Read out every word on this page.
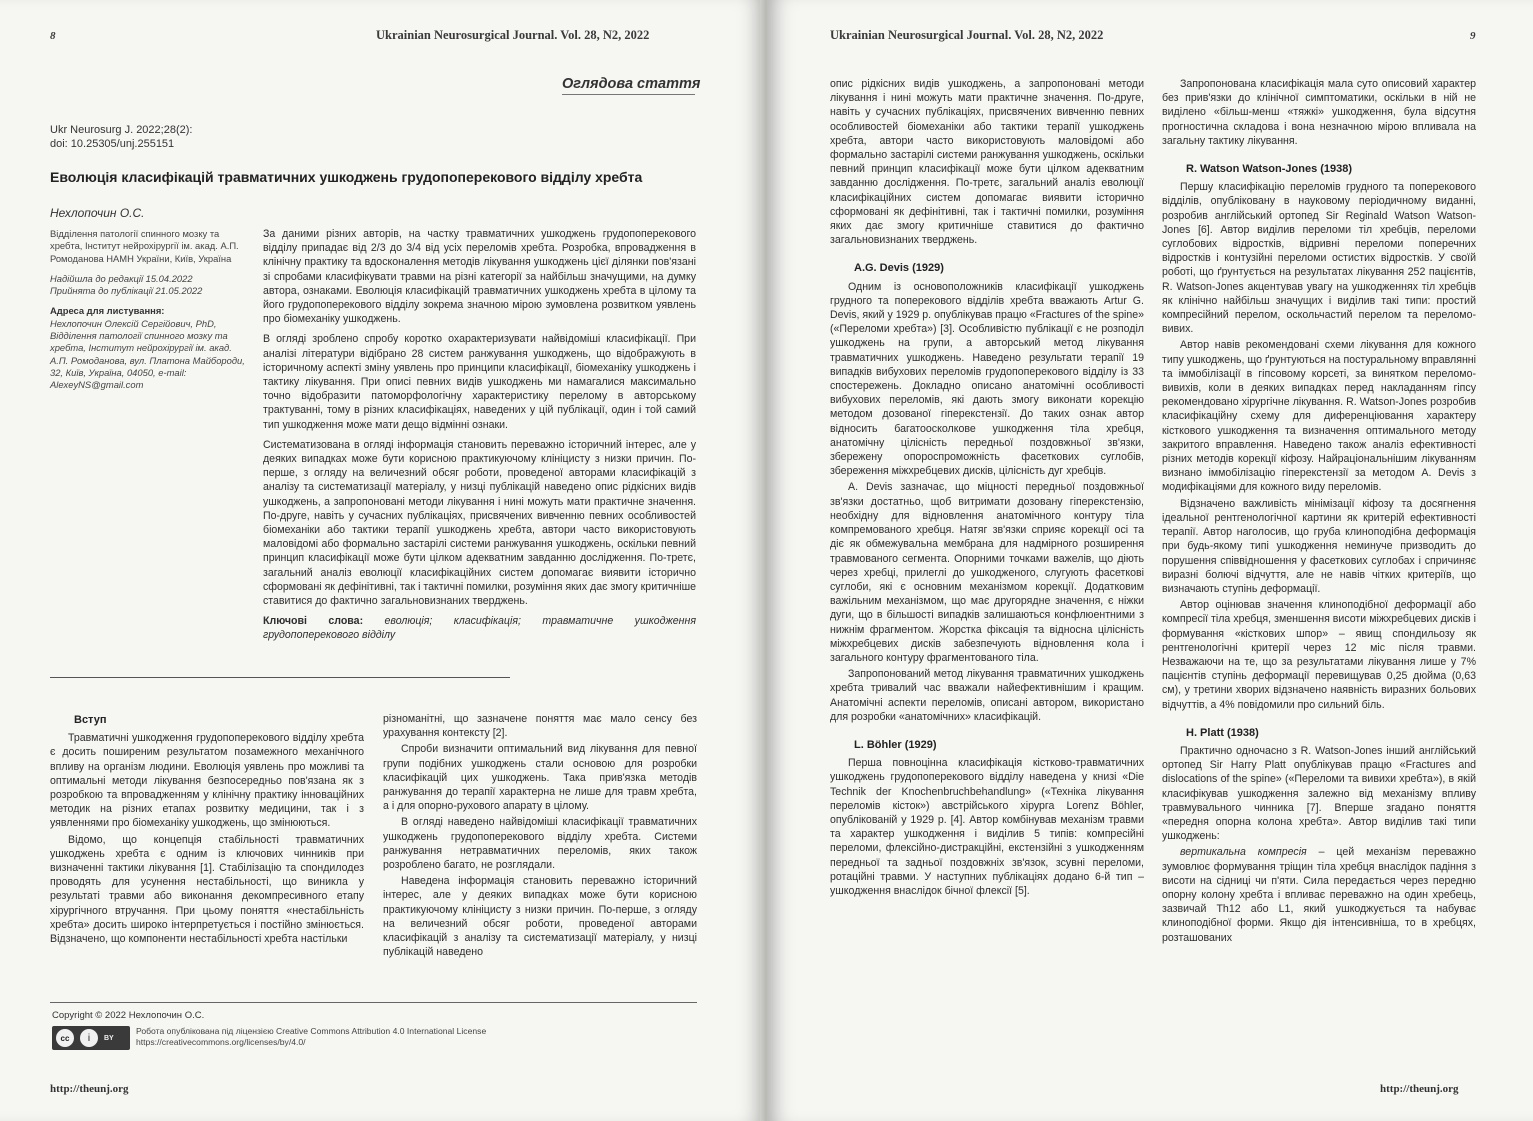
8	Ukrainian Neurosurgical Journal. Vol. 28, N2, 2022
Оглядова стаття
Ukr Neurosurg J. 2022;28(2):
doi: 10.25305/unj.255151
Еволюція класифікацій травматичних ушкоджень грудопоперекового відділу хребта
Нехлопочин О.С.
Відділення патології спинного мозку та хребта, Інститут нейрохірургії ім. акад. А.П. Ромоданова НАМН України, Київ, Україна
Надійшла до редакції 15.04.2022
Прийнята до публікації 21.05.2022
Адреса для листування:
Нехлопочин Олексій Сергійович, PhD, Відділення патології спинного мозку та хребта, Інститут нейрохірургії ім. акад. А.П. Ромоданова, вул. Платона Майбороди, 32, Київ, Україна, 04050, e-mail: AlexeyNS@gmail.com

За даними різних авторів, на частку травматичних ушкоджень грудопоперекового відділу припадає від 2/3 до 3/4 від усіх переломів хребта. Розробка, впровадження в клінічну практику та вдосконалення методів лікування ушкоджень цієї ділянки пов'язані зі спробами класифікувати травми на різні категорії за найбільш значущими, на думку автора, ознаками. Еволюція класифікацій травматичних ушкоджень хребта в цілому та його грудопоперекового відділу зокрема значною мірою зумовлена розвитком уявлень про біомеханіку ушкоджень.

В огляді зроблено спробу коротко охарактеризувати найвідоміші класифікації. При аналізі літератури відібрано 28 систем ранжування ушкоджень, що відображують в історичному аспекті зміну уявлень про принципи класифікації, біомеханіку ушкоджень і тактику лікування. При описі певних видів ушкоджень ми намагалися максимально точно відобразити патоморфологічну характеристику перелому в авторському трактуванні, тому в різних класифікаціях, наведених у цій публікації, один і той самий тип ушкодження може мати дещо відмінні ознаки.

Систематизована в огляді інформація становить переважно історичний інтерес, але у деяких випадках може бути корисною практикуючому клініцисту з низки причин. По-перше, з огляду на величезний обсяг роботи, проведеної авторами класифікацій з аналізу та систематизації матеріалу, у низці публікацій наведено опис рідкісних видів ушкоджень, а запропоновані методи лікування і нині можуть мати практичне значення. По-друге, навіть у сучасних публікаціях, присвячених вивченню певних особливостей біомеханіки або тактики терапії ушкоджень хребта, автори часто використовують маловідомі або формально застарілі системи ранжування ушкоджень, оскільки певний принцип класифікації може бути цілком адекватним завданню дослідження. По-третє, загальний аналіз еволюції класифікаційних систем допомагає виявити історично сформовані як дефінітивні, так і тактичні помилки, розуміння яких дає змогу критичніше ставитися до фактично загальновизнаних тверджень.

Ключові слова: еволюція; класифікація; травматичне ушкодження грудопоперекового відділу

Вступ

Травматичні ушкодження грудопоперекового відділу хребта є досить поширеним результатом позамежного механічного впливу на організм людини. Еволюція уявлень про можливі та оптимальні методи лікування безпосередньо пов'язана як з розробкою та впровадженням у клінічну практику інноваційних методик на різних етапах розвитку медицини, так і з уявленнями про біомеханіку ушкоджень, що змінюються.

Відомо, що концепція стабільності травматичних ушкоджень хребта є одним із ключових чинників при визначенні тактики лікування [1]. Стабілізацію та спондилодез проводять для усунення нестабільності, що виникла у результаті травми або виконання декомпресивного етапу хірургічного втручання. При цьому поняття «нестабільність хребта» досить широко інтерпретується і постійно змінюється. Відзначено, що компоненти нестабільності хребта настільки

різноманітні, що зазначене поняття має мало сенсу без урахування контексту [2].

Спроби визначити оптимальний вид лікування для певної групи подібних ушкоджень стали основою для розробки класифікацій цих ушкоджень. Така прив'язка методів ранжування до терапії характерна не лише для травм хребта, а і для опорно-рухового апарату в цілому.

В огляді наведено найвідоміші класифікації травматичних ушкоджень грудопоперекового відділу хребта. Системи ранжування нетравматичних переломів, яких також розроблено багато, не розглядали.

Наведена інформація становить переважно історичний інтерес, але у деяких випадках може бути корисною практикуючому клініцисту з низки причин. По-перше, з огляду на величезний обсяг роботи, проведеної авторами класифікацій з аналізу та систематизації матеріалу, у низці публікацій наведено

Copyright © 2022 Нехлопочин О.С.
cc	i	BY
Робота опублікована під ліцензією Creative Commons Attribution 4.0 International License
https://creativecommons.org/licenses/by/4.0/
http://theunj.org
Ukrainian Neurosurgical Journal. Vol. 28, N2, 2022	9

опис рідкісних видів ушкоджень, а запропоновані методи лікування і нині можуть мати практичне значення. По-друге, навіть у сучасних публікаціях, присвячених вивченню певних особливостей біомеханіки або тактики терапії ушкоджень хребта, автори часто використовують маловідомі або формально застарілі системи ранжування ушкоджень, оскільки певний принцип класифікації може бути цілком адекватним завданню дослідження. По-третє, загальний аналіз еволюції класифікаційних систем допомагає виявити історично сформовані як дефінітивні, так і тактичні помилки, розуміння яких дає змогу критичніше ставитися до фактично загальновизнаних тверджень.

A.G. Devis (1929)

Одним із основоположників класифікації ушкоджень грудного та поперекового відділів хребта вважають Artur G. Devis, який у 1929 р. опублікував працю «Fractures of the spine» («Переломи хребта») [3]. Особливістю публікації є не розподіл ушкоджень на групи, а авторський метод лікування травматичних ушкоджень. Наведено результати терапії 19 випадків вибухових переломів грудопоперекового відділу із 33 спостережень. Докладно описано анатомічні особливості вибухових переломів, які дають змогу виконати корекцію методом дозованої гіперекстензії. До таких ознак автор відносить багатоосколкове ушкодження тіла хребця, анатомічну цілісність передньої поздовжньої зв'язки, збережену опороспроможність фасеткових суглобів, збереження міжхребцевих дисків, цілісність дуг хребців.

A. Devis зазначає, що міцності передньої поздовжньої зв'язки достатньо, щоб витримати дозовану гіперекстензію, необхідну для відновлення анатомічного контуру тіла компремованого хребця. Натяг зв'язки сприяє корекції осі та діє як обмежувальна мембрана для надмірного розширення травмованого сегмента. Опорними точками важелів, що діють через хребці, прилеглі до ушкодженого, слугують фасеткові суглоби, які є основним механізмом корекції. Додатковим важільним механізмом, що має другорядне значення, є ніжки дуги, що в більшості випадків залишаються конфлюентними з нижнім фрагментом. Жорстка фіксація та відносна цілісність міжхребцевих дисків забезпечують відновлення кола і загального контуру фрагментованого тіла.

Запропонований метод лікування травматичних ушкоджень хребта тривалий час вважали найефективнішим і кращим. Анатомічні аспекти переломів, описані автором, використано для розробки «анатомічних» класифікацій.

L. Böhler (1929)

Перша повноцінна класифікація кістково-травматичних ушкоджень грудопоперекового відділу наведена у книзі «Die Technik der Knochenbruchbehandlung» («Техніка лікування переломів кісток») австрійського хірурга Lorenz Böhler, опублікованій у 1929 р. [4]. Автор комбінував механізм травми та характер ушкодження і виділив 5 типів: компресійні переломи, флексійно-дистракційні, екстензійні з ушкодженням передньої та задньої поздовжніх зв'язок, зсувні переломи, ротаційні травми. У наступних публікаціях додано 6-й тип – ушкодження внаслідок бічної флексії [5].

Запропонована класифікація мала суто описовий характер без прив'язки до клінічної симптоматики, оскільки в ній не виділено «більш-менш «тяжкі» ушкодження, була відсутня прогностична складова і вона незначною мірою впливала на загальну тактику лікування.

R. Watson Watson-Jones (1938)

Першу класифікацію переломів грудного та поперекового відділів, опубліковану в науковому періодичному виданні, розробив англійський ортопед Sir Reginald Watson Watson-Jones [6]. Автор виділив переломи тіл хребців, переломи суглобових відростків, відривні переломи поперечних відростків і контузійні переломи остистих відростків. У своїй роботі, що ґрунтується на результатах лікування 252 пацієнтів, R. Watson-Jones акцентував увагу на ушкодженнях тіл хребців як клінічно найбільш значущих і виділив такі типи: простий компресійний перелом, оскольчастий перелом та переломо-вивих.

Автор навів рекомендовані схеми лікування для кожного типу ушкоджень, що ґрунтуються на постуральному вправлянні та іммобілізації в гіпсовому корсеті, за винятком переломо-вивихів, коли в деяких випадках перед накладанням гіпсу рекомендовано хірургічне лікування. R. Watson-Jones розробив класифікаційну схему для диференціювання характеру кісткового ушкодження та визначення оптимального методу закритого вправлення. Наведено також аналіз ефективності різних методів корекції кіфозу. Найраціональнішим лікуванням визнано іммобілізацію гіперекстензії за методом A. Devis з модифікаціями для кожного виду переломів.

Відзначено важливість мінімізації кіфозу та досягнення ідеальної рентгенологічної картини як критерій ефективності терапії. Автор наголосив, що груба клиноподібна деформація при будь-якому типі ушкодження неминуче призводить до порушення співвідношення у фасеткових суглобах і спричиняє виразні болючі відчуття, але не навів чітких критеріїв, що визначають ступінь деформації.

Автор оцінював значення клиноподібної деформації або компресії тіла хребця, зменшення висоти міжхребцевих дисків і формування «кісткових шпор» – явищ спондильозу як рентгенологічні критерії через 12 міс після травми. Незважаючи на те, що за результатами лікування лише у 7% пацієнтів ступінь деформації перевищував 0,25 дюйма (0,63 см), у третини хворих відзначено наявність виразних больових відчуттів, а 4% повідомили про сильний біль.

H. Platt (1938)

Практично одночасно з R. Watson-Jones інший англійський ортопед Sir Harry Platt опублікував працю «Fractures and dislocations of the spine» («Переломи та вивихи хребта»), в якій класифікував ушкодження залежно від механізму впливу травмувального чинника [7]. Вперше згадано поняття «передня опорна колона хребта». Автор виділив такі типи ушкоджень:

вертикальна компресія – цей механізм переважно зумовлює формування тріщин тіла хребця внаслідок падіння з висоти на сідниці чи п'яти. Сила передається через передню опорну колону хребта і впливає переважно на один хребець, зазвичай Th12 або L1, який ушкоджується та набуває клиноподібної форми. Якщо дія інтенсивніша, то в хребцях, розташованих

http://theunj.org
